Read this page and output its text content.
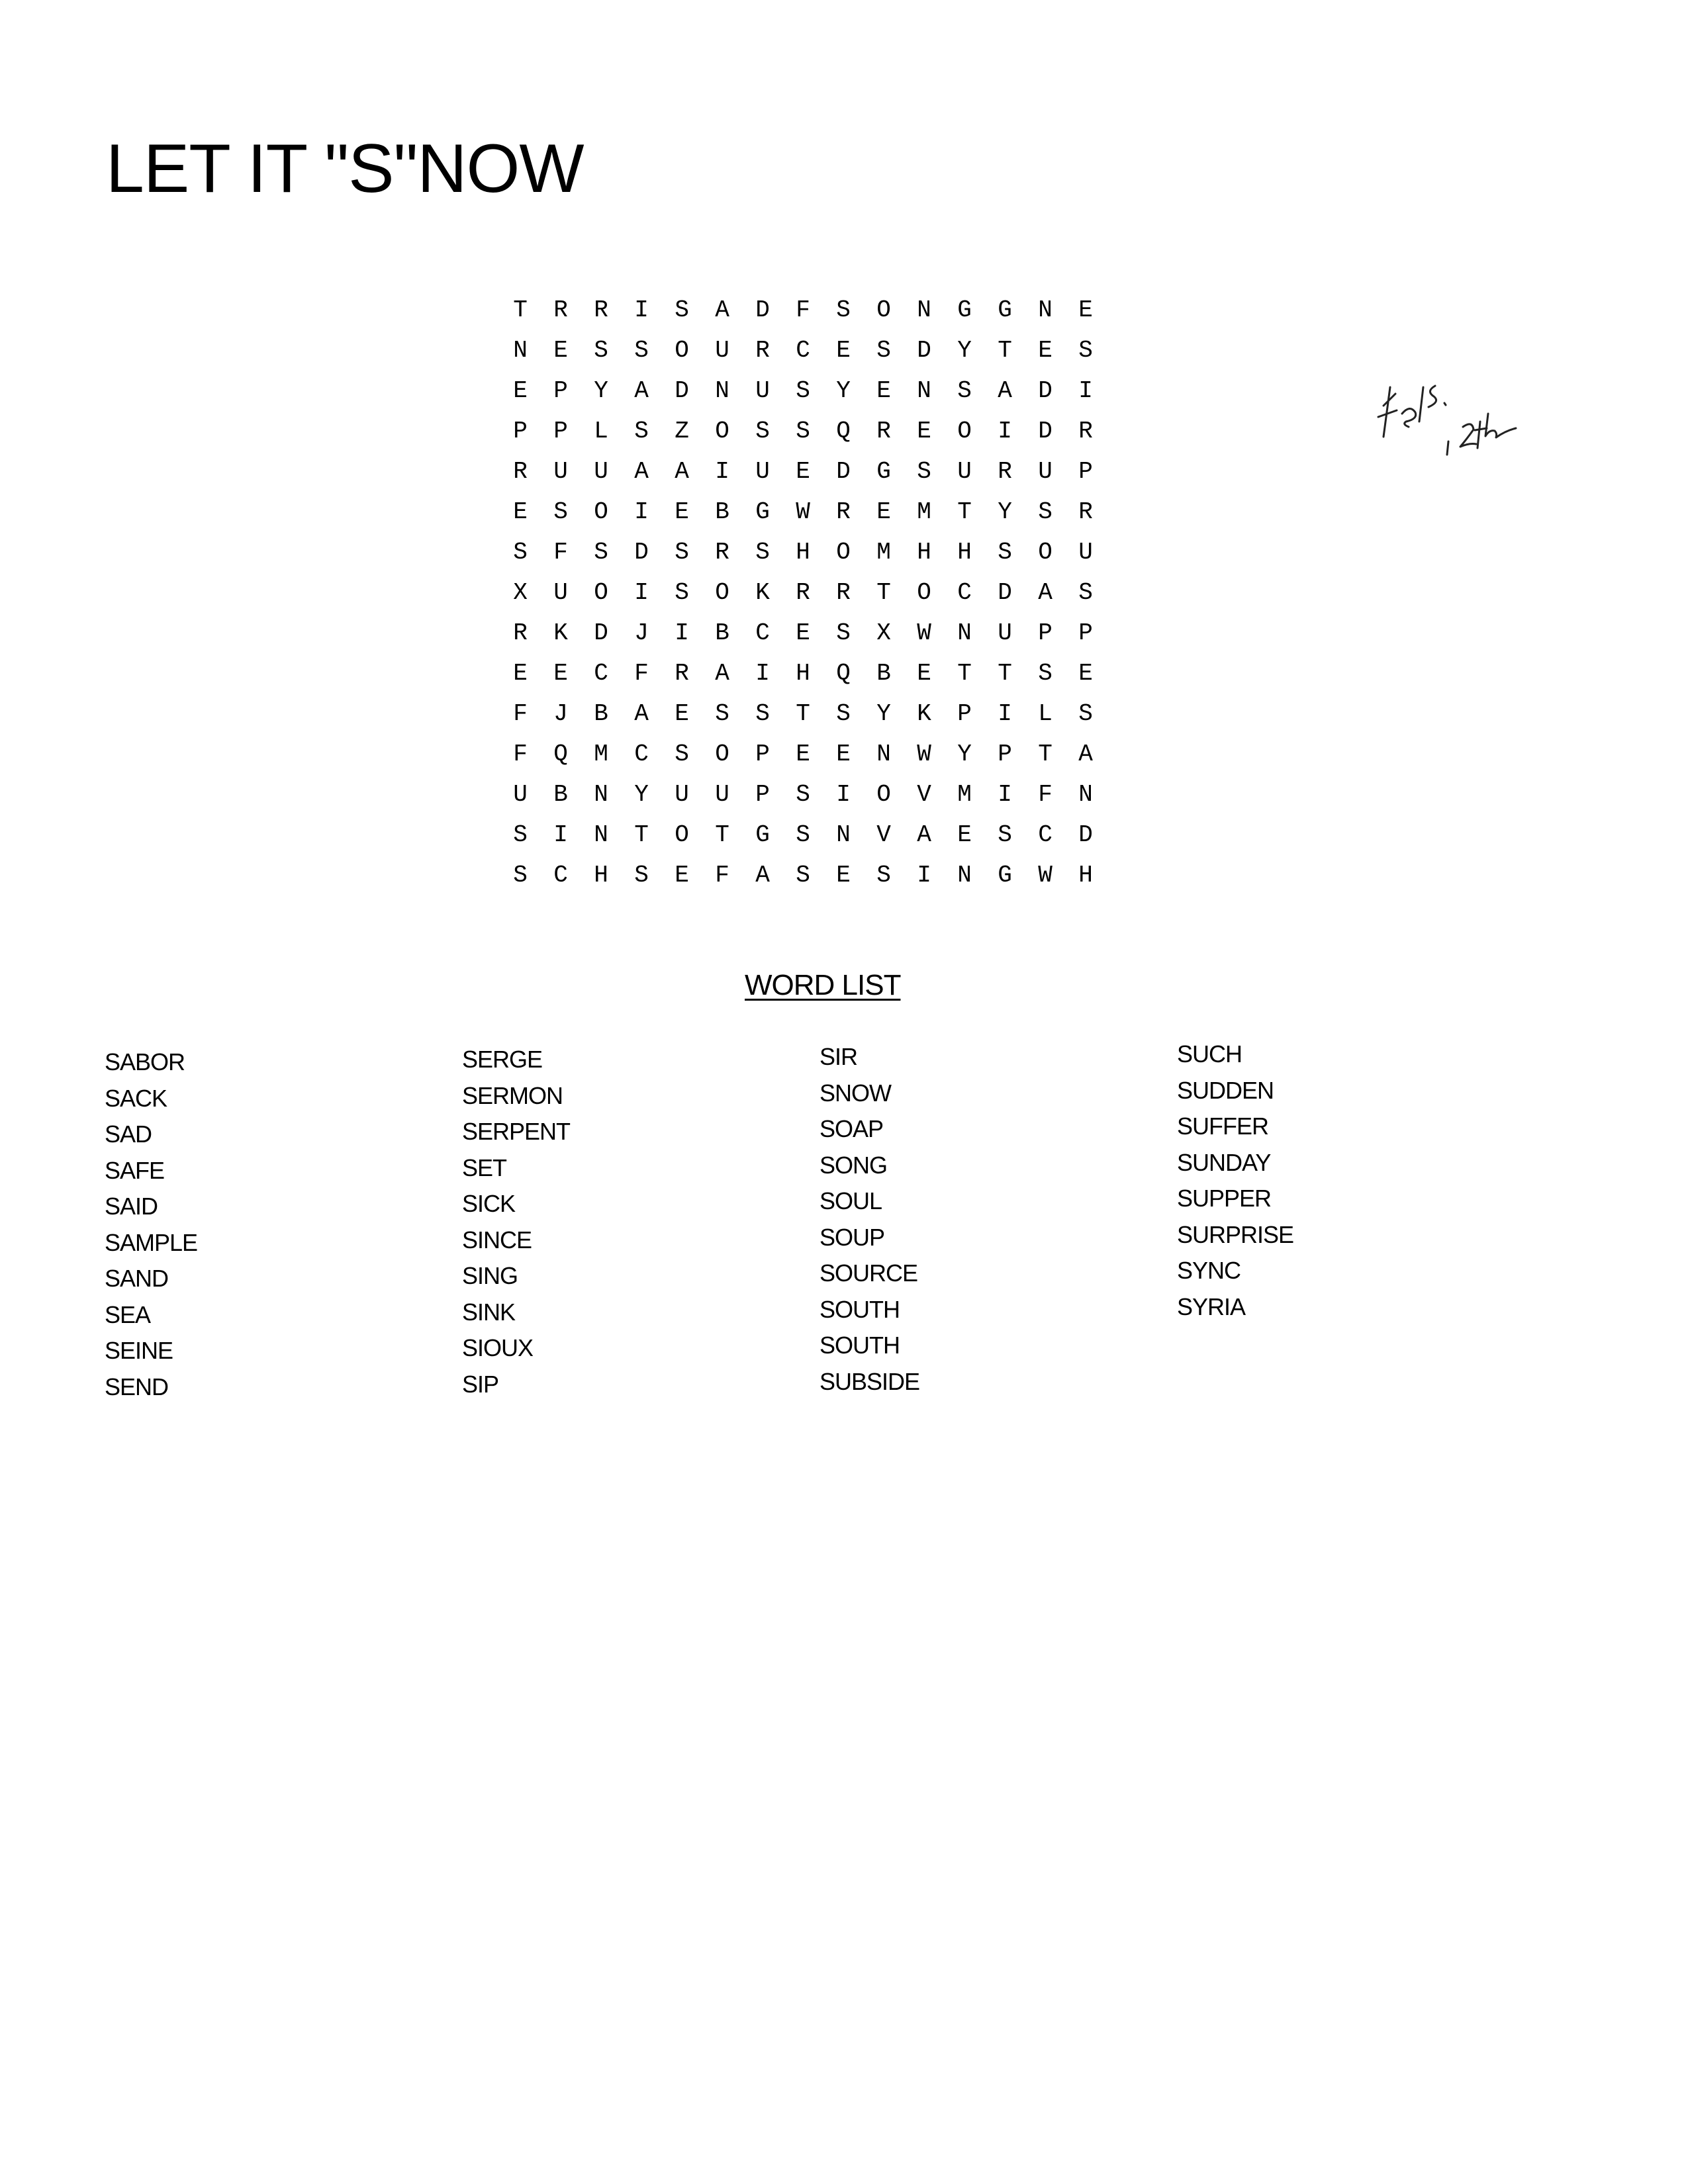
LET IT "S"NOW
T	R	R	I	S	A	D	F	S	O	N	G	G	N	E
N	E	S	S	O	U	R	C	E	S	D	Y	T	E	S
E	P	Y	A	D	N	U	S	Y	E	N	S	A	D	I
P	P	L	S	Z	O	S	S	Q	R	E	O	I	D	R
R	U	U	A	A	I	U	E	D	G	S	U	R	U	P
E	S	O	I	E	B	G	W	R	E	M	T	Y	S	R
S	F	S	D	S	R	S	H	O	M	H	H	S	O	U
X	U	O	I	S	O	K	R	R	T	O	C	D	A	S
R	K	D	J	I	B	C	E	S	X	W	N	U	P	P
E	E	C	F	R	A	I	H	Q	B	E	T	T	S	E
F	J	B	A	E	S	S	T	S	Y	K	P	I	L	S
F	Q	M	C	S	O	P	E	E	N	W	Y	P	T	A
U	B	N	Y	U	U	P	S	I	O	V	M	I	F	N
S	I	N	T	O	T	G	S	N	V	A	E	S	C	D
S	C	H	S	E	F	A	S	E	S	I	N	G	W	H
WORD LIST
SABOR
SACK
SAD
SAFE
SAID
SAMPLE
SAND
SEA
SEINE
SEND
SERGE
SERMON
SERPENT
SET
SICK
SINCE
SING
SINK
SIOUX
SIP
SIR
SNOW
SOAP
SONG
SOUL
SOUP
SOURCE
SOUTH
SOUTH
SUBSIDE
SUCH
SUDDEN
SUFFER
SUNDAY
SUPPER
SURPRISE
SYNC
SYRIA
